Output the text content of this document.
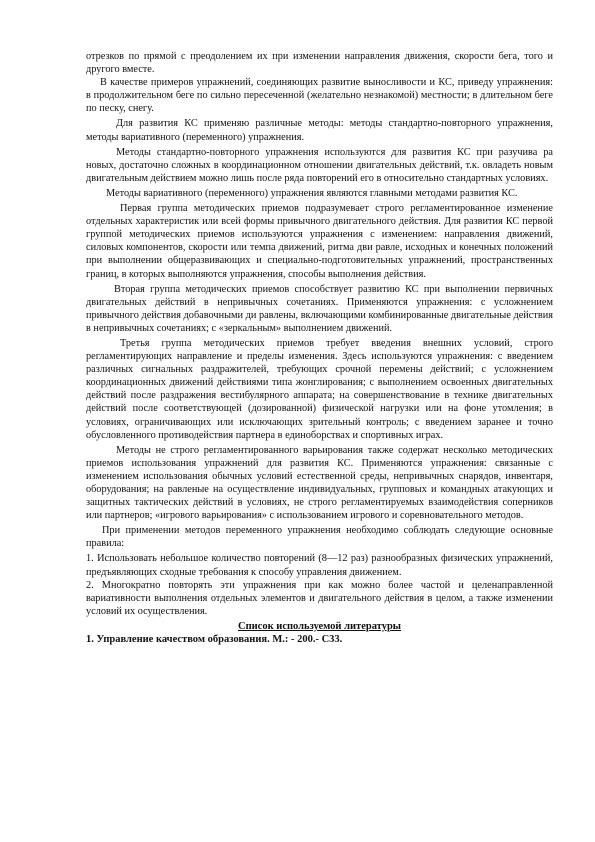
отрезков по прямой с преодолением их при изменении направления движения, скорости бега, того и другого вместе.

В качестве примеров упражнений, соединяющих развитие выносливости и КС, приведу упражнения: в продолжительном беге по сильно пересеченной (желательно незнакомой) местности; в длительном беге по песку, снегу.

Для развития КС применяю различные методы: методы стандартно-повторного упражнения, методы вариативного (переменного) упражнения.

Методы стандартно-повторного упражнения используются для развития КС при разучива ра новых, достаточно сложных в координационном отношении двигательных действий, т.к. овладеть новым двигательным действием можно лишь после ряда повторений его в относительно стандартных условиях.

Методы вариативного (переменного) упражнения являются главными методами развития КС.

Первая группа методических приемов подразумевает строго регламентированное изменение отдельных характеристик или всей формы привычного двигательного действия. Для развития КС первой группой методических приемов используются упражнения с изменением: направления движений, силовых компонентов, скорости или темпа движений, ритма дви равле, исходных и конечных положений при выполнении общеразвивающих и специально-подготовительных упражнений, пространственных границ, в которых выполняются упражнения, способы выполнения действия.

Вторая группа методических приемов способствует развитию КС при выполнении первичных двигательных действий в непривычных сочетаниях. Применяются упражнения: с усложнением привычного действия добавочными ди равлены, включающими комбинированные двигательные действия в непривычных сочетаниях; с «зеркальным» выполнением движений.

Третья группа методических приемов требует введения внешних условий, строго регламентирующих направление и пределы изменения. Здесь используются упражнения: с введением различных сигнальных раздражителей, требующих срочной перемены действий; с усложнением координационных движений действиями типа жонглирования; с выполнением освоенных двигательных действий после раздражения вестибулярного аппарата; на совершенствование в технике двигательных действий после соответствующей (дозированной) физической нагрузки или на фоне утомления; в условиях, ограничивающих или исключающих зрительный контроль; с введением заранее и точно обусловленного противодействия партнера в единоборствах и спортивных играх.

Методы не строго регламентированного варьирования также содержат несколько методических приемов использования упражнений для развития КС. Применяются упражнения: связанные с изменением использования обычных условий естественной среды, непривычных снарядов, инвентаря, оборудования; на равленые на осуществление индивидуальных, групповых и командных атакующих и защитных тактических действий в условиях, не строго регламентируемых взаимодействия соперников или партнеров; «игрового варьирования» с использованием игрового и соревновательного методов.

При применении методов переменного упражнения необходимо соблюдать следующие основные правила:

1. Использовать небольшое количество повторений (8—12 раз) разнообразных физических упражнений, предъявляющих сходные требования к способу управления движением.

2. Многократно повторять эти упражнения при как можно более частой и целенаправленной вариативности выполнения отдельных элементов и двигательного действия в целом, а также изменении условий их осуществления.

Список используемой литературы

1. Управление качеством образования. М.: - 200.- С33.
